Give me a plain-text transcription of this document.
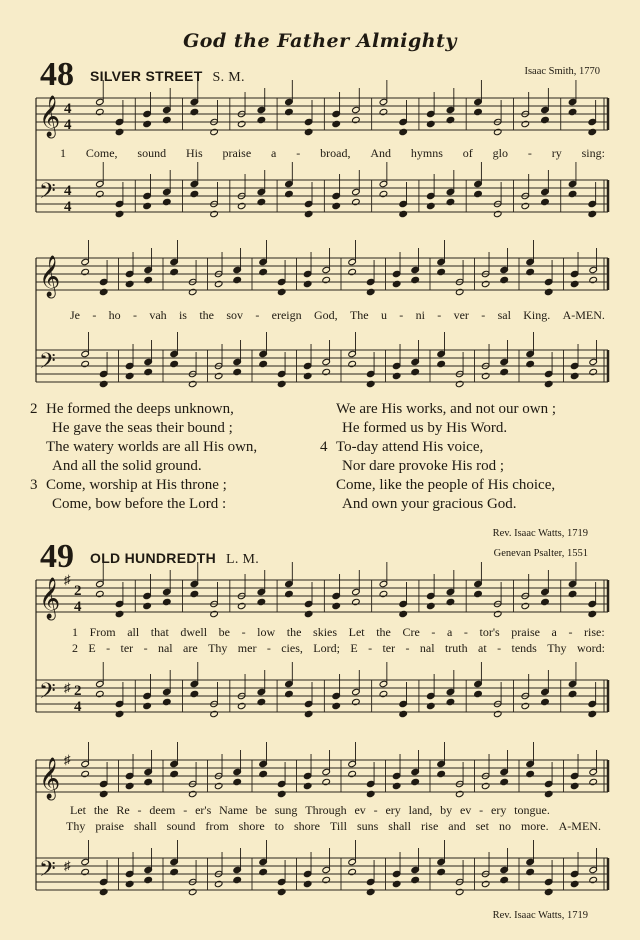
God the Father Almighty
48 SILVER STREET S. M.	Isaac Smith, 1770
𝄞 4
4
𝄢 4
4
𝄞
𝄢
𝄞 ♯
2
4
𝄢 ♯ 2
4
𝄞 ♯
𝄢 ♯
1 Come, sound His praise a - broad, And hymns of glo - ry sing:
Je - ho - vah is the sov - ereign God, The u - ni - ver - sal King. A-MEN.
2 He formed the deeps unknown,
He gave the seas their bound ;
The watery worlds are all His own,
And all the solid ground.
3 Come, worship at His throne ;
Come, bow before the Lord :
We are His works, and not our own ;
He formed us by His Word.
4 To-day attend His voice,
Nor dare provoke His rod ;
Come, like the people of His choice,
And own your gracious God.
Rev. Isaac Watts, 1719
49 OLD HUNDREDTH L. M.	Genevan Psalter, 1551
1 From all that dwell be - low the skies Let the Cre - a - tor's praise a - rise:
2 E - ter - nal are Thy mer - cies, Lord; E - ter - nal truth at - tends Thy word:
Let the Re - deem - er's Name be sung Through ev - ery land, by ev - ery tongue.
Thy praise shall sound from shore to shore Till suns shall rise and set no more. A-MEN.
Rev. Isaac Watts, 1719
